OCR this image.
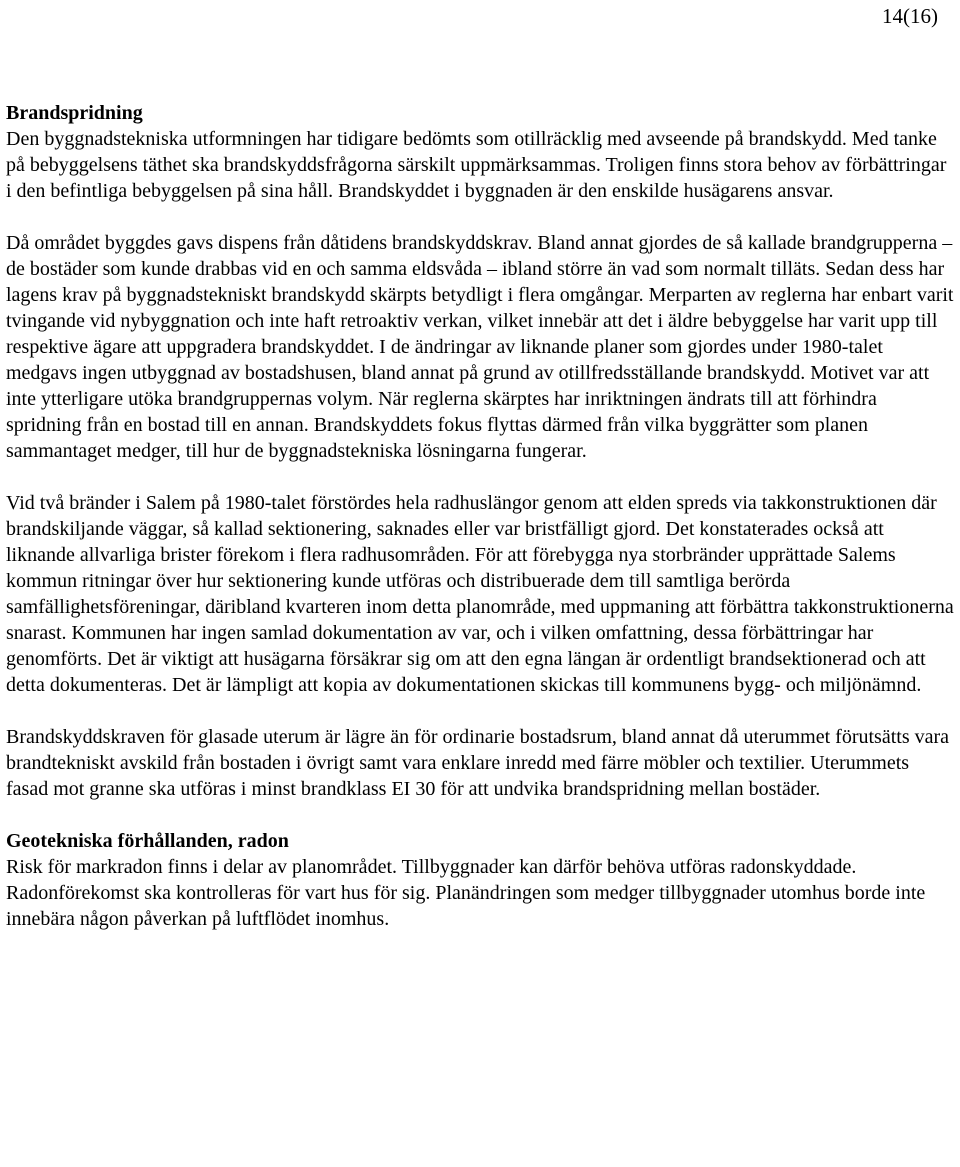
14(16)

Brandspridning

Den byggnadstekniska utformningen har tidigare bedömts som otillräcklig med avseende på brandskydd. Med tanke på bebyggelsens täthet ska brandskyddsfrågorna särskilt uppmärksammas. Troligen finns stora behov av förbättringar i den befintliga bebyggelsen på sina håll. Brandskyddet i byggnaden är den enskilde husägarens ansvar.

Då området byggdes gavs dispens från dåtidens brandskyddskrav. Bland annat gjordes de så kallade brandgrupperna – de bostäder som kunde drabbas vid en och samma eldsvåda – ibland större än vad som normalt tilläts. Sedan dess har lagens krav på byggnadstekniskt brandskydd skärpts betydligt i flera omgångar. Merparten av reglerna har enbart varit tvingande vid nybyggnation och inte haft retroaktiv verkan, vilket innebär att det i äldre bebyggelse har varit upp till respektive ägare att uppgradera brandskyddet. I de ändringar av liknande planer som gjordes under 1980-talet medgavs ingen utbyggnad av bostadshusen, bland annat på grund av otillfredsställande brandskydd. Motivet var att inte ytterligare utöka brandgruppernas volym. När reglerna skärptes har inriktningen ändrats till att förhindra spridning från en bostad till en annan. Brandskyddets fokus flyttas därmed från vilka byggrätter som planen sammantaget medger, till hur de byggnadstekniska lösningarna fungerar.

Vid två bränder i Salem på 1980-talet förstördes hela radhuslängor genom att elden spreds via takkonstruktionen där brandskiljande väggar, så kallad sektionering, saknades eller var bristfälligt gjord. Det konstaterades också att liknande allvarliga brister förekom i flera radhusområden. För att förebygga nya storbränder upprättade Salems kommun ritningar över hur sektionering kunde utföras och distribuerade dem till samtliga berörda samfällighetsföreningar, däribland kvarteren inom detta planområde, med uppmaning att förbättra takkonstruktionerna snarast. Kommunen har ingen samlad dokumentation av var, och i vilken omfattning, dessa förbättringar har genomförts. Det är viktigt att husägarna försäkrar sig om att den egna längan är ordentligt brandsektionerad och att detta dokumenteras. Det är lämpligt att kopia av dokumentationen skickas till kommunens bygg- och miljönämnd.

Brandskyddskraven för glasade uterum är lägre än för ordinarie bostadsrum, bland annat då uterummet förutsätts vara brandtekniskt avskild från bostaden i övrigt samt vara enklare inredd med färre möbler och textilier. Uterummets fasad mot granne ska utföras i minst brandklass EI 30 för att undvika brandspridning mellan bostäder.

Geotekniska förhållanden, radon

Risk för markradon finns i delar av planområdet. Tillbyggnader kan därför behöva utföras radonskyddade. Radonförekomst ska kontrolleras för vart hus för sig. Planändringen som medger tillbyggnader utomhus borde inte innebära någon påverkan på luftflödet inomhus.
